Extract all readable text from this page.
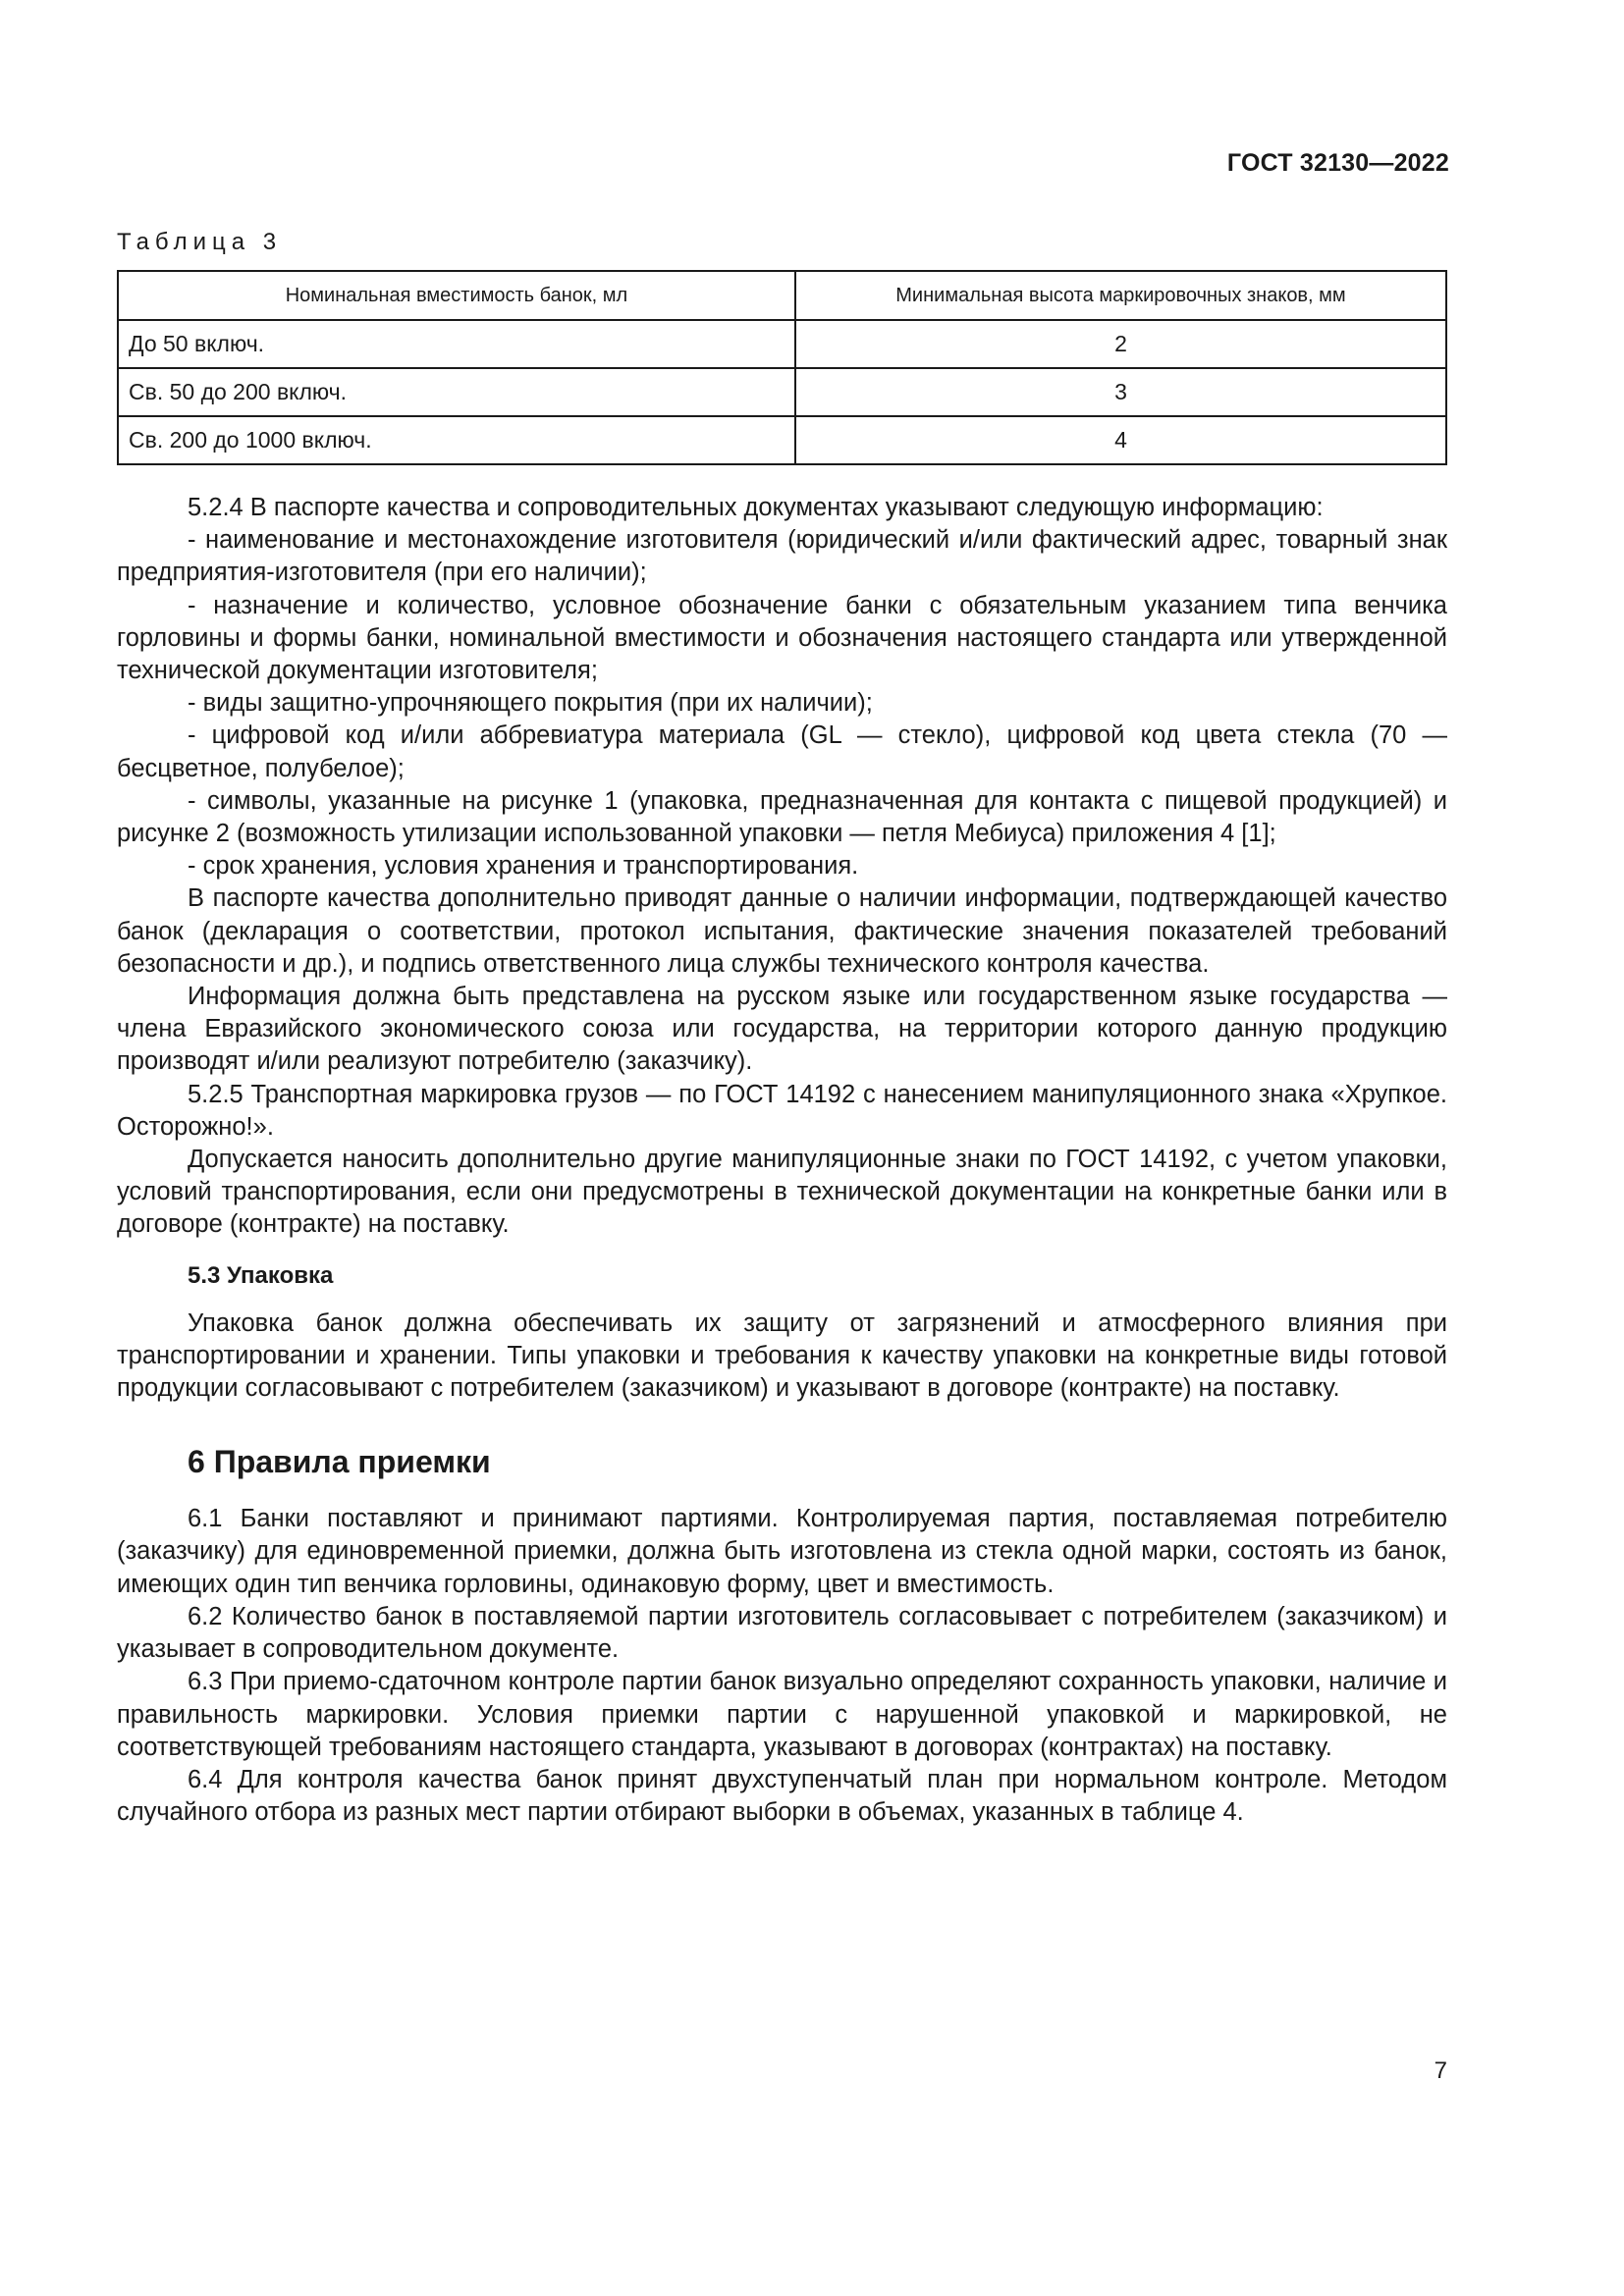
ГОСТ 32130—2022
Таблица 3
Номинальная вместимость банок, мл	Минимальная высота маркировочных знаков, мм
До 50 включ.	2
Св. 50 до 200 включ.	3
Св. 200 до 1000 включ.	4

5.2.4 В паспорте качества и сопроводительных документах указывают следующую информацию:

- наименование и местонахождение изготовителя (юридический и/или фактический адрес, товарный знак предприятия-изготовителя (при его наличии);

- назначение и количество, условное обозначение банки с обязательным указанием типа венчика горловины и формы банки, номинальной вместимости и обозначения настоящего стандарта или утвержденной технической документации изготовителя;

- виды защитно-упрочняющего покрытия (при их наличии);

- цифровой код и/или аббревиатура материала (GL — стекло), цифровой код цвета стекла (70 — бесцветное, полубелое);

- символы, указанные на рисунке 1 (упаковка, предназначенная для контакта с пищевой продукцией) и рисунке 2 (возможность утилизации использованной упаковки — петля Мебиуса) приложения 4 [1];

- срок хранения, условия хранения и транспортирования.

В паспорте качества дополнительно приводят данные о наличии информации, подтверждающей качество банок (декларация о соответствии, протокол испытания, фактические значения показателей требований безопасности и др.), и подпись ответственного лица службы технического контроля качества.

Информация должна быть представлена на русском языке или государственном языке государства — члена Евразийского экономического союза или государства, на территории которого данную продукцию производят и/или реализуют потребителю (заказчику).

5.2.5 Транспортная маркировка грузов — по ГОСТ 14192 с нанесением манипуляционного знака «Хрупкое. Осторожно!».

Допускается наносить дополнительно другие манипуляционные знаки по ГОСТ 14192, с учетом упаковки, условий транспортирования, если они предусмотрены в технической документации на конкретные банки или в договоре (контракте) на поставку.

5.3 Упаковка

Упаковка банок должна обеспечивать их защиту от загрязнений и атмосферного влияния при транспортировании и хранении. Типы упаковки и требования к качеству упаковки на конкретные виды готовой продукции согласовывают с потребителем (заказчиком) и указывают в договоре (контракте) на поставку.

6 Правила приемки

6.1 Банки поставляют и принимают партиями. Контролируемая партия, поставляемая потребителю (заказчику) для единовременной приемки, должна быть изготовлена из стекла одной марки, состоять из банок, имеющих один тип венчика горловины, одинаковую форму, цвет и вместимость.

6.2 Количество банок в поставляемой партии изготовитель согласовывает с потребителем (заказчиком) и указывает в сопроводительном документе.

6.3 При приемо-сдаточном контроле партии банок визуально определяют сохранность упаковки, наличие и правильность маркировки. Условия приемки партии с нарушенной упаковкой и маркировкой, не соответствующей требованиям настоящего стандарта, указывают в договорах (контрактах) на поставку.

6.4 Для контроля качества банок принят двухступенчатый план при нормальном контроле. Методом случайного отбора из разных мест партии отбирают выборки в объемах, указанных в таблице 4.

7
